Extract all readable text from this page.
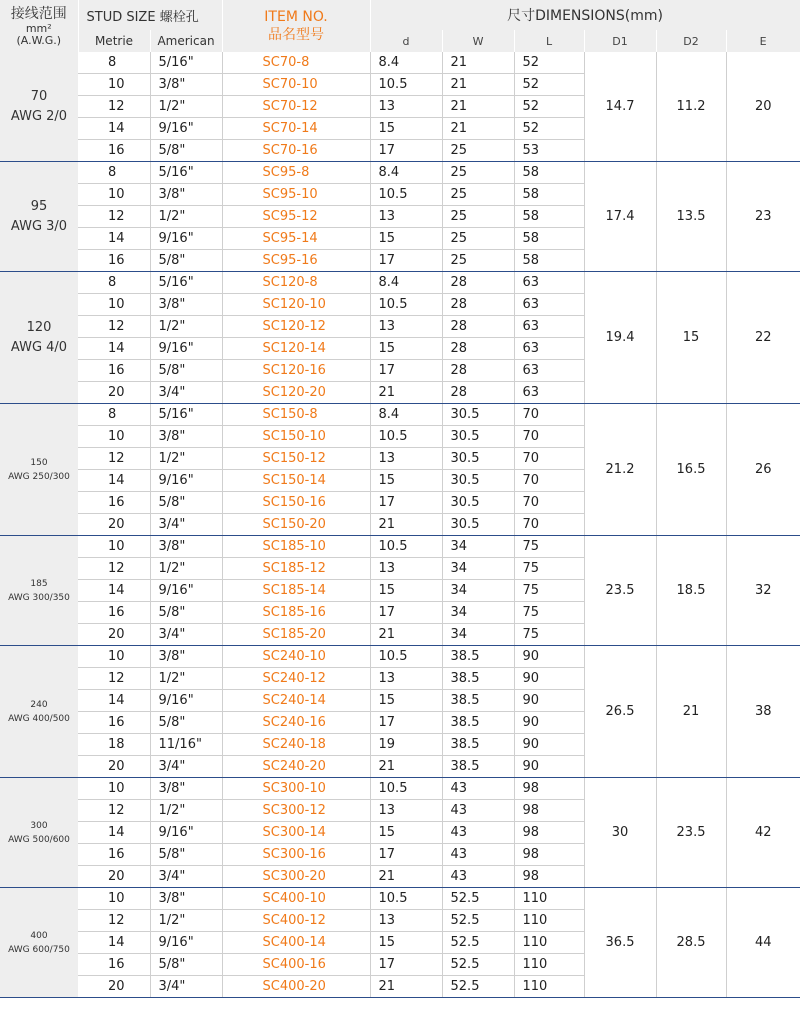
接线范围
mm²
(A.W.G.)	STUD SIZE 螺栓孔		ITEM NO.
品名型号	尺寸DIMENSIONS(mm)					
	Metrie	American		d	W	L	D1	D2	E

70
AWG 2/0	8	5/16"	SC70-8	8.4	21	52	14.7	11.2	20
	10	3/8"	SC70-10	10.5	21	52			
	12	1/2"	SC70-12	13	21	52			
	14	9/16"	SC70-14	15	21	52			
	16	5/8"	SC70-16	17	25	53			

95
AWG 3/0	8	5/16"	SC95-8	8.4	25	58	17.4	13.5	23
	10	3/8"	SC95-10	10.5	25	58			
	12	1/2"	SC95-12	13	25	58			
	14	9/16"	SC95-14	15	25	58			
	16	5/8"	SC95-16	17	25	58			

120
AWG 4/0	8	5/16"	SC120-8	8.4	28	63	19.4	15	22
	10	3/8"	SC120-10	10.5	28	63			
	12	1/2"	SC120-12	13	28	63			
	14	9/16"	SC120-14	15	28	63			
	16	5/8"	SC120-16	17	28	63			
	20	3/4"	SC120-20	21	28	63			

150
AWG 250/300	8	5/16"	SC150-8	8.4	30.5	70	21.2	16.5	26
	10	3/8"	SC150-10	10.5	30.5	70			
	12	1/2"	SC150-12	13	30.5	70			
	14	9/16"	SC150-14	15	30.5	70			
	16	5/8"	SC150-16	17	30.5	70			
	20	3/4"	SC150-20	21	30.5	70			

185
AWG 300/350	10	3/8"	SC185-10	10.5	34	75	23.5	18.5	32
	12	1/2"	SC185-12	13	34	75			
	14	9/16"	SC185-14	15	34	75			
	16	5/8"	SC185-16	17	34	75			
	20	3/4"	SC185-20	21	34	75			

240
AWG 400/500	10	3/8"	SC240-10	10.5	38.5	90	26.5	21	38
	12	1/2"	SC240-12	13	38.5	90			
	14	9/16"	SC240-14	15	38.5	90			
	16	5/8"	SC240-16	17	38.5	90			
	18	11/16"	SC240-18	19	38.5	90			
	20	3/4"	SC240-20	21	38.5	90			

300
AWG 500/600	10	3/8"	SC300-10	10.5	43	98	30	23.5	42
	12	1/2"	SC300-12	13	43	98			
	14	9/16"	SC300-14	15	43	98			
	16	5/8"	SC300-16	17	43	98			
	20	3/4"	SC300-20	21	43	98			

400
AWG 600/750	10	3/8"	SC400-10	10.5	52.5	110	36.5	28.5	44
	12	1/2"	SC400-12	13	52.5	110			
	14	9/16"	SC400-14	15	52.5	110			
	16	5/8"	SC400-16	17	52.5	110			
	20	3/4"	SC400-20	21	52.5	110			
